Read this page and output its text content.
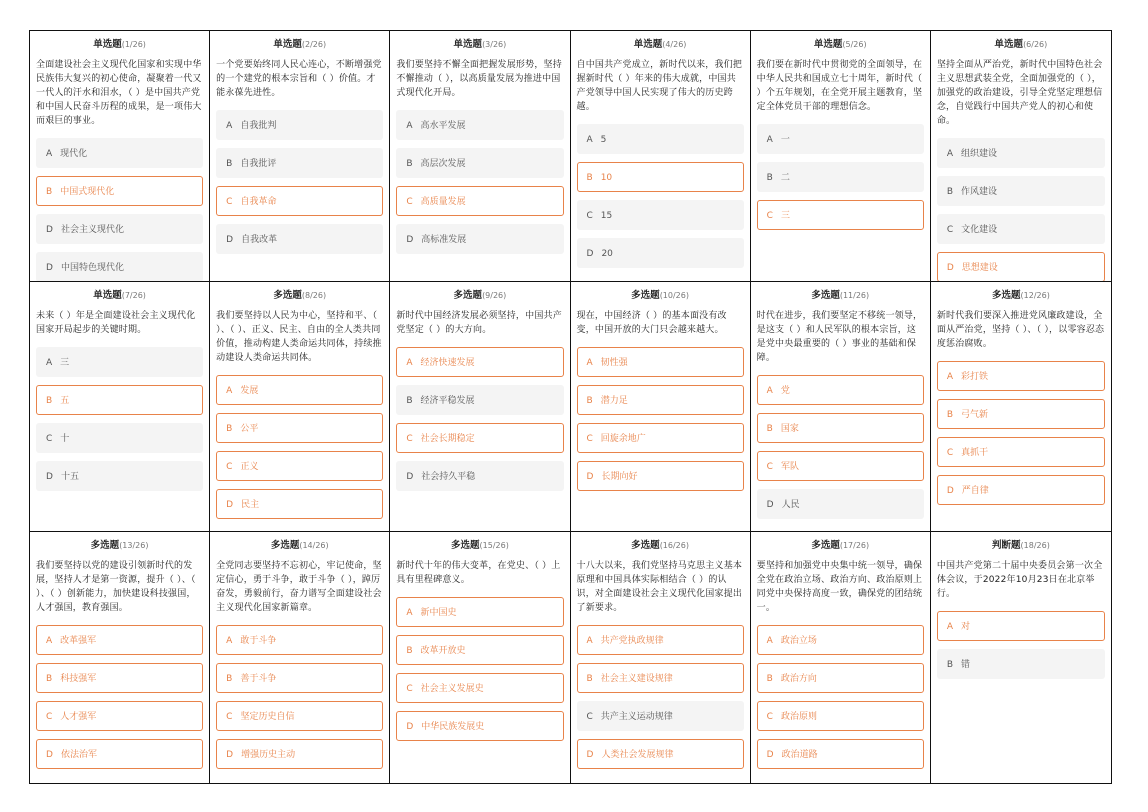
单选题(1/26)
全面建设社会主义现代化国家和实现中华民族伟大复兴的初心使命，凝聚着一代又一代人的汗水和泪水，（ ）是中国共产党和中国人民奋斗历程的成果，是一项伟大而艰巨的事业。
A 现代化
B 中国式现代化
D 社会主义现代化
D 中国特色现代化
单选题(2/26)
一个党要始终同人民心连心，不断增强党的一个建党的根本宗旨和（ ）价值。才能永葆先进性。
A 自我批判
B 自我批评
C 自我革命
D 自我改革
单选题(3/26)
我们要坚持不懈全面把握发展形势，坚持不懈推动（ ），以高质量发展为推进中国式现代化开局。
A 高水平发展
B 高层次发展
C 高质量发展
D 高标准发展
单选题(4/26)
自中国共产党成立，新时代以来，我们把握新时代（ ）年来的伟大成就，中国共产党领导中国人民实现了伟大的历史跨越。
A 5
B 10
C 15
D 20
单选题(5/26)
我们要在新时代中贯彻党的全面领导，在中华人民共和国成立七十周年，新时代（ ）个五年规划，在全党开展主题教育，坚定全体党员干部的理想信念。
A 一
B 二
C 三
单选题(6/26)
坚持全面从严治党，新时代中国特色社会主义思想武装全党，全面加强党的（ ），加强党的政治建设，引导全党坚定理想信念，自觉践行中国共产党人的初心和使命。
A 组织建设
B 作风建设
C 文化建设
D 思想建设
单选题(7/26)
未来（ ）年是全面建设社会主义现代化国家开局起步的关键时期。
A 三
B 五
C 十
D 十五
多选题(8/26)
我们要坚持以人民为中心，坚持和平、（ ）、（ ）、正义、民主、自由的全人类共同价值，推动构建人类命运共同体，持续推动建设人类命运共同体。
A 发展
B 公平
C 正义
D 民主
多选题(9/26)
新时代中国经济发展必须坚持，中国共产党坚定（ ）的大方向。
A 经济快速发展
B 经济平稳发展
C 社会长期稳定
D 社会持久平稳
多选题(10/26)
现在，中国经济（ ）的基本面没有改变，中国开放的大门只会越来越大。
A 韧性强
B 潜力足
C 回旋余地广
D 长期向好
多选题(11/26)
时代在进步，我们要坚定不移统一领导，是这支（ ）和人民军队的根本宗旨，这是党中央最重要的（ ）事业的基础和保障。
A 党
B 国家
C 军队
D 人民
多选题(12/26)
新时代我们要深入推进党风廉政建设，全面从严治党，坚持（ ）、（ ），以零容忍态度惩治腐败。
A 彩打铁
B 弓气新
C 真抓干
D 严自律
多选题(13/26)
我们要坚持以党的建设引领新时代的发展，坚持人才是第一资源，提升（ ）、（ ）、（ ）创新能力，加快建设科技强国，人才强国，教育强国。
A 改革强军
B 科技强军
C 人才强军
D 依法治军
多选题(14/26)
全党同志要坚持不忘初心，牢记使命，坚定信心，勇于斗争，敢于斗争（ ），踔厉奋发，勇毅前行，奋力谱写全面建设社会主义现代化国家新篇章。
A 敢于斗争
B 善于斗争
C 坚定历史自信
D 增强历史主动
多选题(15/26)
新时代十年的伟大变革，在党史、（ ）上具有里程碑意义。
A 新中国史
B 改革开放史
C 社会主义发展史
D 中华民族发展史
多选题(16/26)
十八大以来，我们党坚持马克思主义基本原理和中国具体实际相结合（ ）的认识，对全面建设社会主义现代化国家提出了新要求。
A 共产党执政规律
B 社会主义建设规律
C 共产主义运动规律
D 人类社会发展规律
多选题(17/26)
要坚持和加强党中央集中统一领导，确保全党在政治立场、政治方向、政治原则上同党中央保持高度一致，确保党的团结统一。
A 政治立场
B 政治方向
C 政治原则
D 政治道路
判断题(18/26)
中国共产党第二十届中央委员会第一次全体会议，于2022年10月23日在北京举行。
A 对
B 错
